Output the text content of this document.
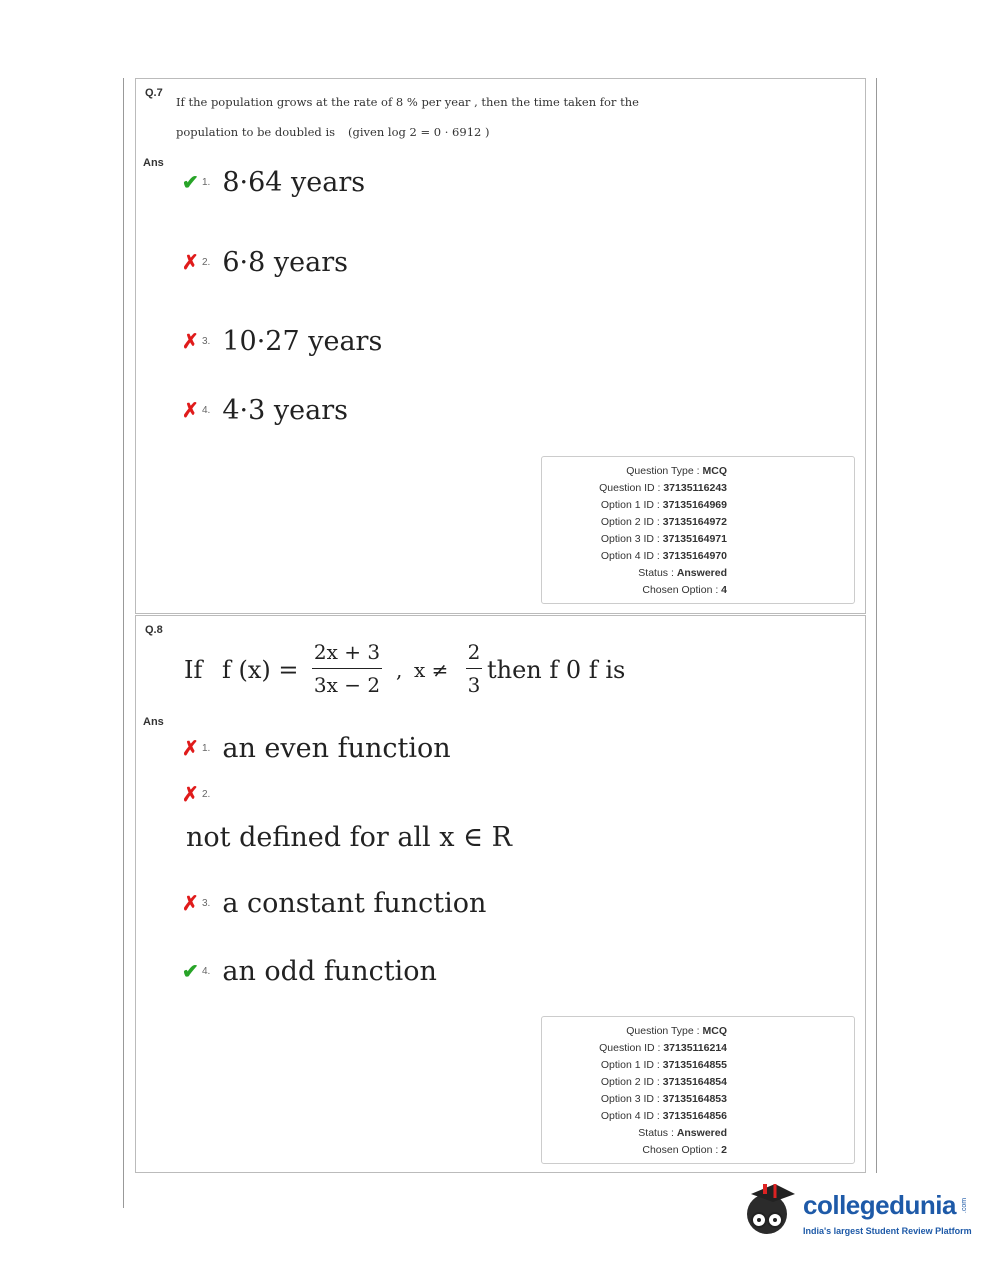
Q.7
If the population grows at the rate of 8 % per year , then the time taken for the
population to be doubled is (given log 2 = 0 · 6912 )
Ans
✔ 1. 8·64 years
✗ 2. 6·8 years
✗ 3. 10·27 years
✗ 4. 4·3 years
Question Type : MCQ
Question ID : 37135116243
Option 1 ID : 37135164969
Option 2 ID : 37135164972
Option 3 ID : 37135164971
Option 4 ID : 37135164970
Status : Answered
Chosen Option : 4
Q.8
If f (x) =
2x + 3
3x − 2
, x ≠
2
3
then f 0 f is
Ans
✗ 1. an even function
✗ 2.
not defined for all x ∈ R
✗ 3. a constant function
✔ 4. an odd function
Question Type : MCQ
Question ID : 37135116214
Option 1 ID : 37135164855
Option 2 ID : 37135164854
Option 3 ID : 37135164853
Option 4 ID : 37135164856
Status : Answered
Chosen Option : 2
collegedunia .com
India's largest Student Review Platform
